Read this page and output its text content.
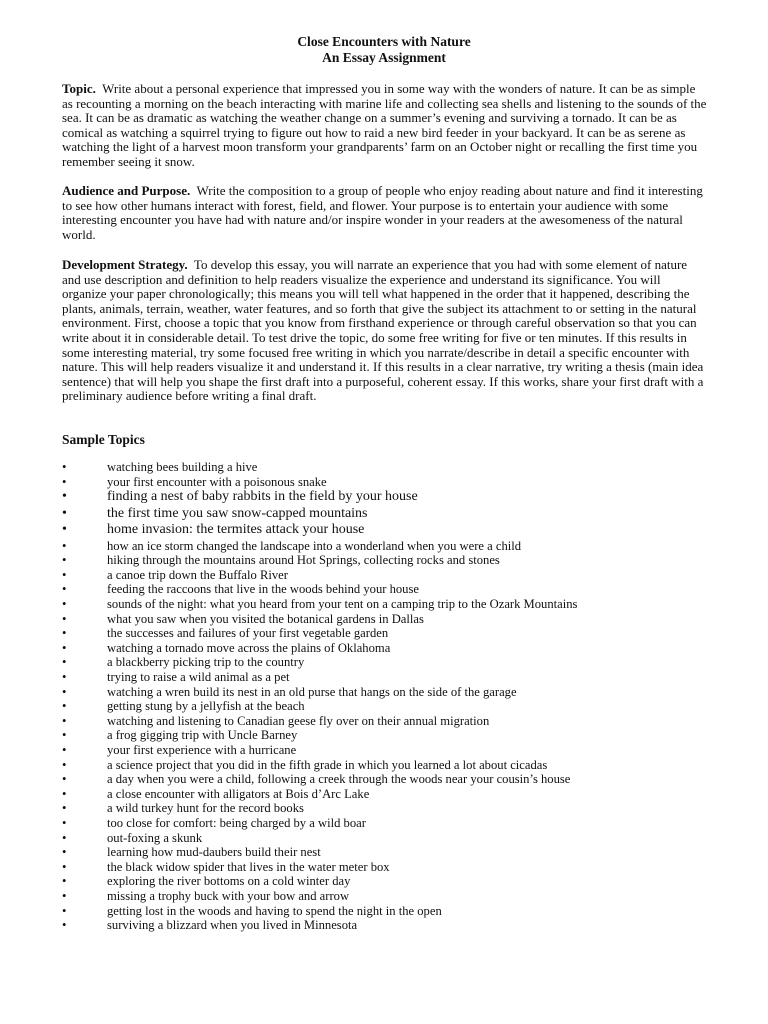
Close Encounters with Nature
An Essay Assignment

Topic. Write about a personal experience that impressed you in some way with the wonders of nature. It can be as simple as recounting a morning on the beach interacting with marine life and collecting sea shells and listening to the sounds of the sea. It can be as dramatic as watching the weather change on a summer’s evening and surviving a tornado. It can be as comical as watching a squirrel trying to figure out how to raid a new bird feeder in your backyard. It can be as serene as watching the light of a harvest moon transform your grandparents’ farm on an October night or recalling the first time you remember seeing it snow.

Audience and Purpose. Write the composition to a group of people who enjoy reading about nature and find it interesting to see how other humans interact with forest, field, and flower. Your purpose is to entertain your audience with some interesting encounter you have had with nature and/or inspire wonder in your readers at the awesomeness of the natural world.

Development Strategy. To develop this essay, you will narrate an experience that you had with some element of nature and use description and definition to help readers visualize the experience and understand its significance. You will organize your paper chronologically; this means you will tell what happened in the order that it happened, describing the plants, animals, terrain, weather, water features, and so forth that give the subject its attachment to or setting in the natural environment. First, choose a topic that you know from firsthand experience or through careful observation so that you can write about it in considerable detail. To test drive the topic, do some free writing for five or ten minutes. If this results in some interesting material, try some focused free writing in which you narrate/describe in detail a specific encounter with nature. This will help readers visualize it and understand it. If this results in a clear narrative, try writing a thesis (main idea sentence) that will help you shape the first draft into a purposeful, coherent essay. If this works, share your first draft with a preliminary audience before writing a final draft.

Sample Topics
•	watching bees building a hive
•	your first encounter with a poisonous snake
•	finding a nest of baby rabbits in the field by your house
•	the first time you saw snow-capped mountains
•	home invasion: the termites attack your house
•	how an ice storm changed the landscape into a wonderland when you were a child
•	hiking through the mountains around Hot Springs, collecting rocks and stones
•	a canoe trip down the Buffalo River
•	feeding the raccoons that live in the woods behind your house
•	sounds of the night: what you heard from your tent on a camping trip to the Ozark Mountains
•	what you saw when you visited the botanical gardens in Dallas
•	the successes and failures of your first vegetable garden
•	watching a tornado move across the plains of Oklahoma
•	a blackberry picking trip to the country
•	trying to raise a wild animal as a pet
•	watching a wren build its nest in an old purse that hangs on the side of the garage
•	getting stung by a jellyfish at the beach
•	watching and listening to Canadian geese fly over on their annual migration
•	a frog gigging trip with Uncle Barney
•	your first experience with a hurricane
•	a science project that you did in the fifth grade in which you learned a lot about cicadas
•	a day when you were a child, following a creek through the woods near your cousin’s house
•	a close encounter with alligators at Bois d’Arc Lake
•	a wild turkey hunt for the record books
•	too close for comfort: being charged by a wild boar
•	out-foxing a skunk
•	learning how mud-daubers build their nest
•	the black widow spider that lives in the water meter box
•	exploring the river bottoms on a cold winter day
•	missing a trophy buck with your bow and arrow
•	getting lost in the woods and having to spend the night in the open
•	surviving a blizzard when you lived in Minnesota
